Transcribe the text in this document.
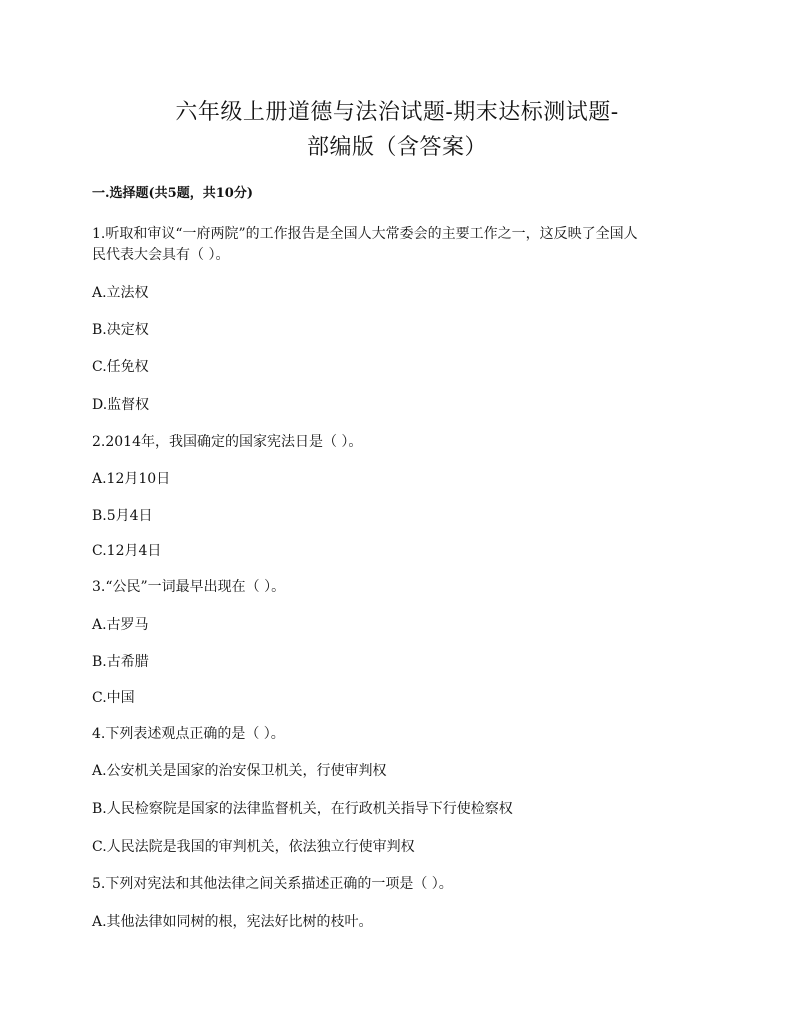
六年级上册道德与法治试题-期末达标测试题-
部编版（含答案）
一.选择题(共5题，共10分)
1.听取和审议“一府两院”的工作报告是全国人大常委会的主要工作之一，这反映了全国人
民代表大会具有（ ）。
A.立法权
B.决定权
C.任免权
D.监督权
2.2014年，我国确定的国家宪法日是（ ）。
A.12月10日
B.5月4日
C.12月4日
3.“公民”一词最早出现在（ ）。
A.古罗马
B.古希腊
C.中国
4.下列表述观点正确的是（ ）。
A.公安机关是国家的治安保卫机关，行使审判权
B.人民检察院是国家的法律监督机关，在行政机关指导下行使检察权
C.人民法院是我国的审判机关，依法独立行使审判权
5.下列对宪法和其他法律之间关系描述正确的一项是（ ）。
A.其他法律如同树的根，宪法好比树的枝叶。
